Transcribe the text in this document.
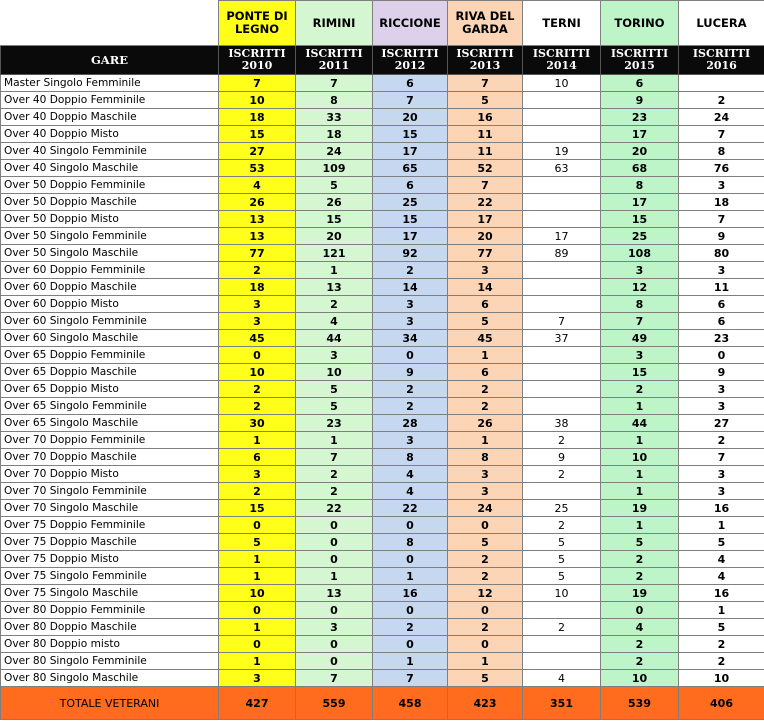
	PONTE DI LEGNO	RIMINI	RICCIONE	RIVA DEL GARDA	TERNI	TORINO	LUCERA
GARE	ISCRITTI 2010	ISCRITTI 2011	ISCRITTI 2012	ISCRITTI 2013	ISCRITTI 2014	ISCRITTI 2015	ISCRITTI 2016
Master Singolo Femminile	7	7	6	7	10	6	
Over 40 Doppio Femminile	10	8	7	5		9	2
Over 40 Doppio Maschile	18	33	20	16		23	24
Over 40 Doppio Misto	15	18	15	11		17	7
Over 40 Singolo Femminile	27	24	17	11	19	20	8
Over 40 Singolo Maschile	53	109	65	52	63	68	76
Over 50 Doppio Femminile	4	5	6	7		8	3
Over 50 Doppio Maschile	26	26	25	22		17	18
Over 50 Doppio Misto	13	15	15	17		15	7
Over 50 Singolo Femminile	13	20	17	20	17	25	9
Over 50 Singolo Maschile	77	121	92	77	89	108	80
Over 60 Doppio Femminile	2	1	2	3		3	3
Over 60 Doppio Maschile	18	13	14	14		12	11
Over 60 Doppio Misto	3	2	3	6		8	6
Over 60 Singolo Femminile	3	4	3	5	7	7	6
Over 60 Singolo Maschile	45	44	34	45	37	49	23
Over 65 Doppio Femminile	0	3	0	1		3	0
Over 65 Doppio Maschile	10	10	9	6		15	9
Over 65 Doppio Misto	2	5	2	2		2	3
Over 65 Singolo Femminile	2	5	2	2		1	3
Over 65 Singolo Maschile	30	23	28	26	38	44	27
Over 70 Doppio Femminile	1	1	3	1	2	1	2
Over 70 Doppio Maschile	6	7	8	8	9	10	7
Over 70 Doppio Misto	3	2	4	3	2	1	3
Over 70 Singolo Femminile	2	2	4	3		1	3
Over 70 Singolo Maschile	15	22	22	24	25	19	16
Over 75 Doppio Femminile	0	0	0	0	2	1	1
Over 75 Doppio Maschile	5	0	8	5	5	5	5
Over 75 Doppio Misto	1	0	0	2	5	2	4
Over 75 Singolo Femminile	1	1	1	2	5	2	4
Over 75 Singolo Maschile	10	13	16	12	10	19	16
Over 80 Doppio Femminile	0	0	0	0		0	1
Over 80 Doppio Maschile	1	3	2	2	2	4	5
Over 80 Doppio misto	0	0	0	0		2	2
Over 80 Singolo Femminile	1	0	1	1		2	2
Over 80 Singolo Maschile	3	7	7	5	4	10	10
TOTALE VETERANI	427	559	458	423	351	539	406
